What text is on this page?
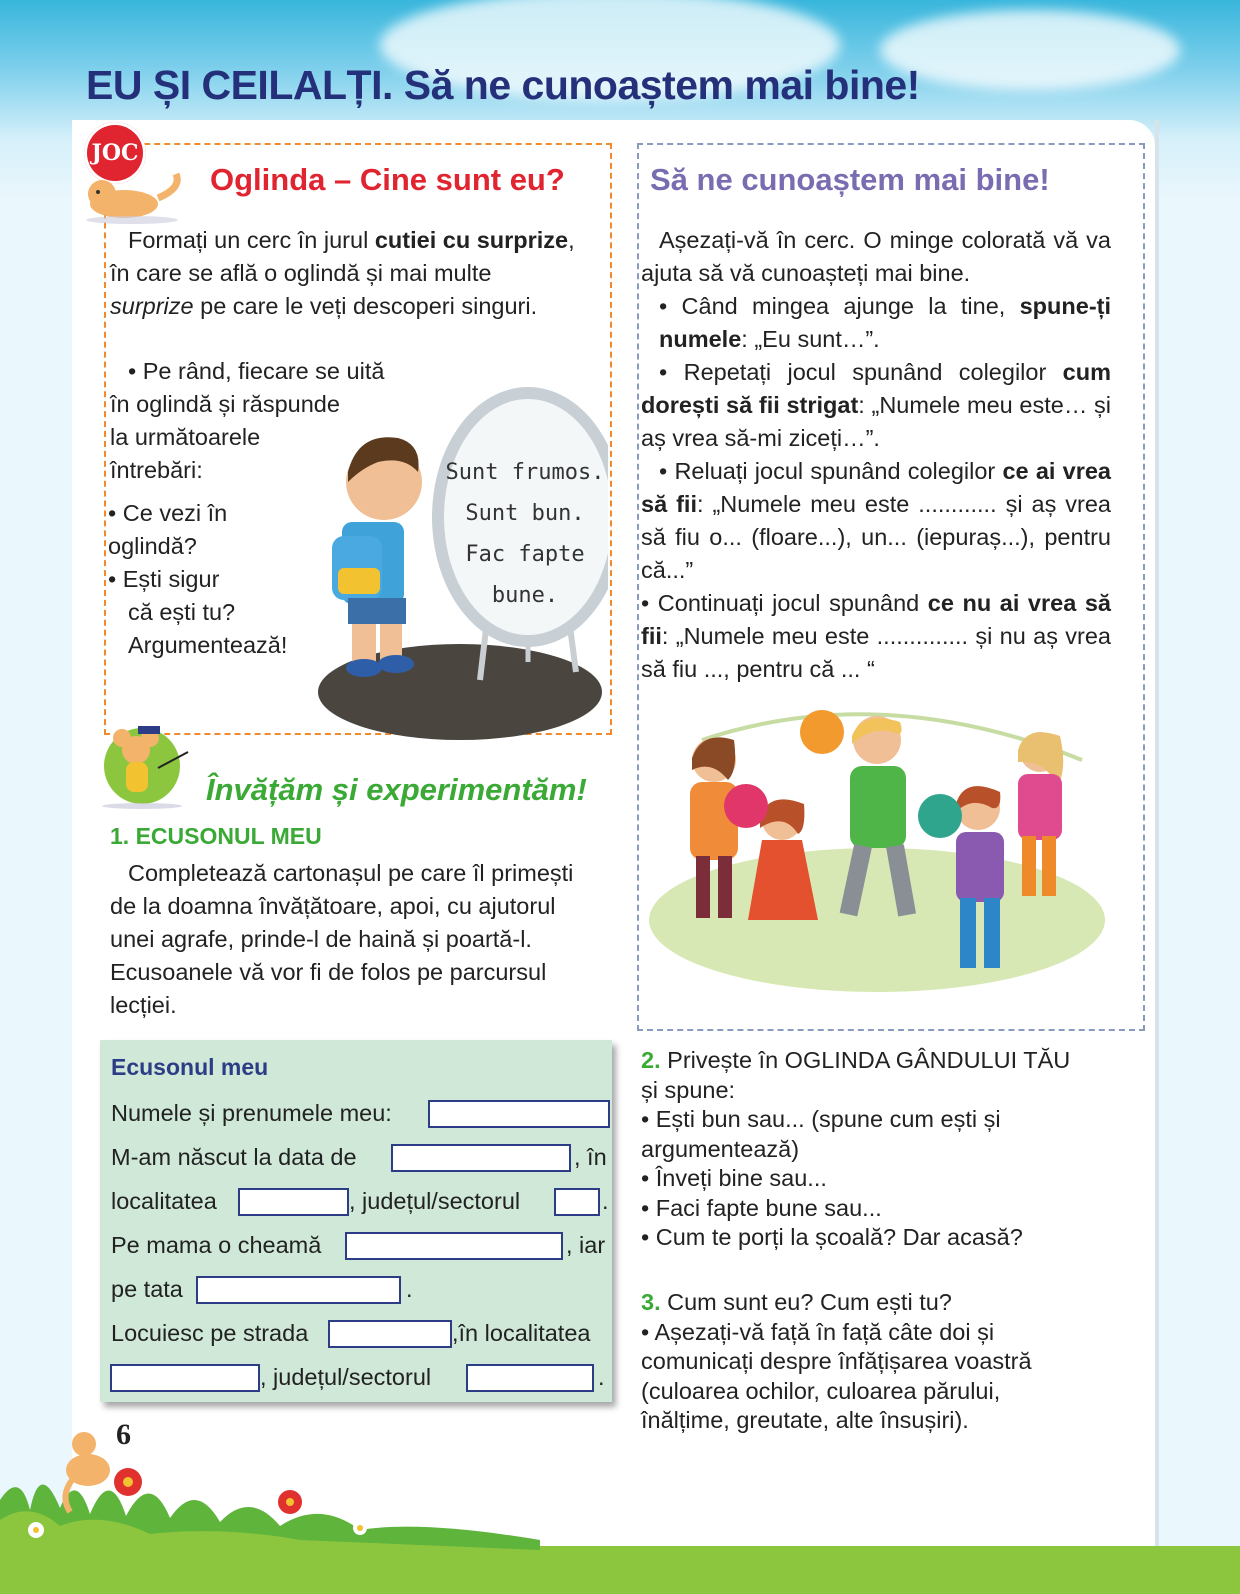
EU ȘI CEILALȚI. Să ne cunoaștem mai bine!
JOC
Oglinda – Cine sunt eu?

Formați un cerc în jurul cutiei cu surprize, în care se află o oglindă și mai multe surprize pe care le veți descoperi singuri.

• Pe rând, fiecare se uită

în oglindă și răspunde

la următoarele

întrebări:

• Ce vezi în

oglindă?

• Ești sigur

că ești tu?

Argumentează!

Sunt frumos.
Sunt bun.
Fac fapte
bune.
Să ne cunoaștem mai bine!

Așezați-vă în cerc. O minge colorată vă va ajuta să vă cunoașteți mai bine.

• Când mingea ajunge la tine, spune-ți numele: „Eu sunt…”.

• Repetați jocul spunând colegilor cum dorești să fii strigat: „Numele meu este… și aș vrea să-mi ziceți…”.

• Reluați jocul spunând colegilor ce ai vrea să fii: „Numele meu este ............ și aș vrea să fiu o... (floare...), un... (iepuraș...), pentru că...”

• Continuați jocul spunând ce nu ai vrea să fii: „Numele meu este .............. și nu aș vrea să fiu ..., pentru că ... “

Învățăm și experimentăm!
1. ECUSONUL MEU

Completează cartonașul pe care îl primești de la doamna învățătoare, apoi, cu ajutorul unei agrafe, prinde-l de haină și poartă-l. Ecusoanele vă vor fi de folos pe parcursul lecției.

Ecusonul meu
Numele și prenumele meu:
M-am născut la data de	, în
localitatea	, județul/sectorul	.
Pe mama o cheamă	, iar
pe tata	.
Locuiesc pe strada	,în localitatea
, județul/sectorul	.

2. Privește în OGLINDA GÂNDULUI TĂU

și spune:

• Ești bun sau... (spune cum ești și

argumentează)

• Înveți bine sau...

• Faci fapte bune sau...

• Cum te porți la școală? Dar acasă?

3. Cum sunt eu? Cum ești tu?

• Așezați-vă față în față câte doi și

comunicați despre înfățișarea voastră

(culoarea ochilor, culoarea părului,

înălțime, greutate, alte însușiri).

6
